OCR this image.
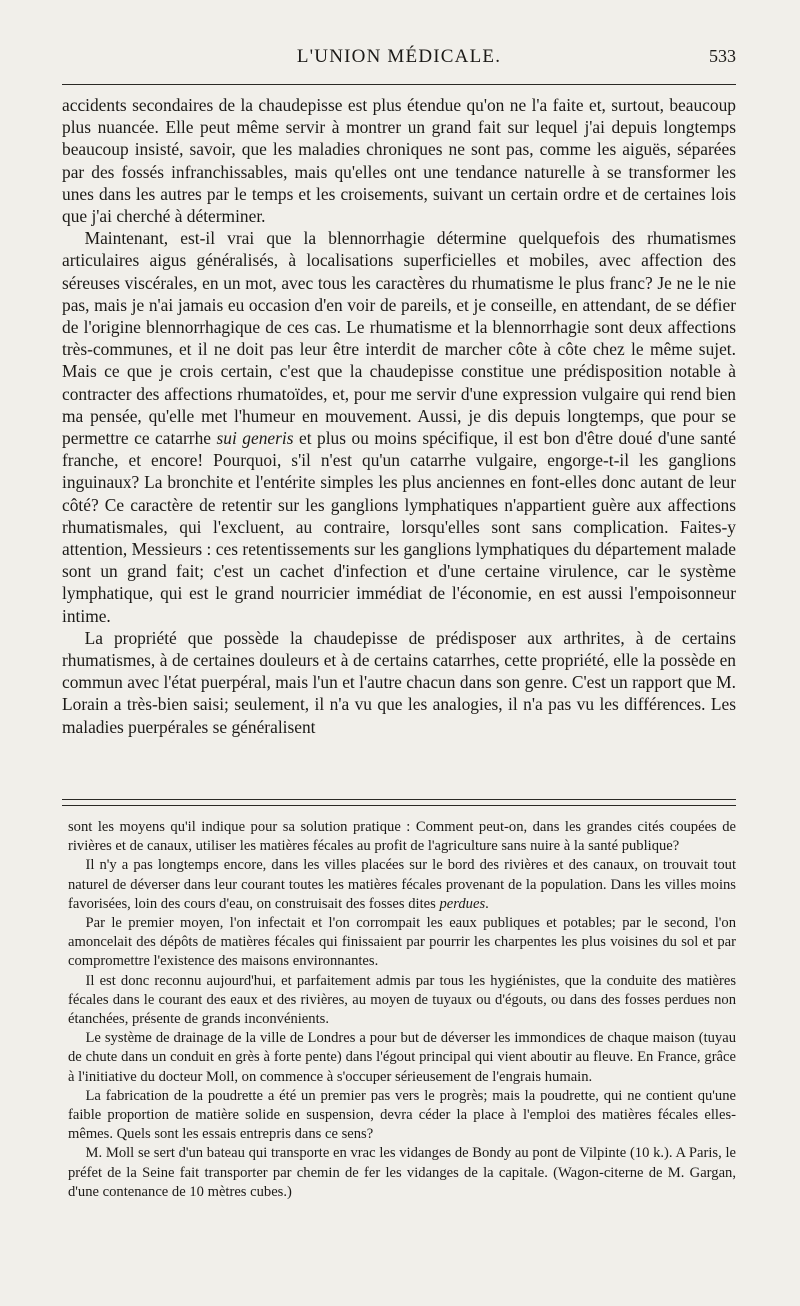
L'UNION MÉDICALE.	533

accidents secondaires de la chaudepisse est plus étendue qu'on ne l'a faite et, surtout, beaucoup plus nuancée. Elle peut même servir à montrer un grand fait sur lequel j'ai depuis longtemps beaucoup insisté, savoir, que les maladies chroniques ne sont pas, comme les aiguës, séparées par des fossés infranchissables, mais qu'elles ont une tendance naturelle à se transformer les unes dans les autres par le temps et les croisements, suivant un certain ordre et de certaines lois que j'ai cherché à déterminer.

Maintenant, est-il vrai que la blennorrhagie détermine quelquefois des rhumatismes articulaires aigus généralisés, à localisations superficielles et mobiles, avec affection des séreuses viscérales, en un mot, avec tous les caractères du rhumatisme le plus franc? Je ne le nie pas, mais je n'ai jamais eu occasion d'en voir de pareils, et je conseille, en attendant, de se défier de l'origine blennorrhagique de ces cas. Le rhumatisme et la blennorrhagie sont deux affections très-communes, et il ne doit pas leur être interdit de marcher côte à côte chez le même sujet. Mais ce que je crois certain, c'est que la chaudepisse constitue une prédisposition notable à contracter des affections rhumatoïdes, et, pour me servir d'une expression vulgaire qui rend bien ma pensée, qu'elle met l'humeur en mouvement. Aussi, je dis depuis longtemps, que pour se permettre ce catarrhe sui generis et plus ou moins spécifique, il est bon d'être doué d'une santé franche, et encore! Pourquoi, s'il n'est qu'un catarrhe vulgaire, engorge-t-il les ganglions inguinaux? La bronchite et l'entérite simples les plus anciennes en font-elles donc autant de leur côté? Ce caractère de retentir sur les ganglions lymphatiques n'appartient guère aux affections rhumatismales, qui l'excluent, au contraire, lorsqu'elles sont sans complication. Faites-y attention, Messieurs : ces retentissements sur les ganglions lymphatiques du département malade sont un grand fait; c'est un cachet d'infection et d'une certaine virulence, car le système lymphatique, qui est le grand nourricier immédiat de l'économie, en est aussi l'empoisonneur intime.

La propriété que possède la chaudepisse de prédisposer aux arthrites, à de certains rhumatismes, à de certaines douleurs et à de certains catarrhes, cette propriété, elle la possède en commun avec l'état puerpéral, mais l'un et l'autre chacun dans son genre. C'est un rapport que M. Lorain a très-bien saisi; seulement, il n'a vu que les analogies, il n'a pas vu les différences. Les maladies puerpérales se généralisent

sont les moyens qu'il indique pour sa solution pratique : Comment peut-on, dans les grandes cités coupées de rivières et de canaux, utiliser les matières fécales au profit de l'agriculture sans nuire à la santé publique?

Il n'y a pas longtemps encore, dans les villes placées sur le bord des rivières et des canaux, on trouvait tout naturel de déverser dans leur courant toutes les matières fécales provenant de la population. Dans les villes moins favorisées, loin des cours d'eau, on construisait des fosses dites perdues.

Par le premier moyen, l'on infectait et l'on corrompait les eaux publiques et potables; par le second, l'on amoncelait des dépôts de matières fécales qui finissaient par pourrir les charpentes les plus voisines du sol et par compromettre l'existence des maisons environnantes.

Il est donc reconnu aujourd'hui, et parfaitement admis par tous les hygiénistes, que la conduite des matières fécales dans le courant des eaux et des rivières, au moyen de tuyaux ou d'égouts, ou dans des fosses perdues non étanchées, présente de grands inconvénients.

Le système de drainage de la ville de Londres a pour but de déverser les immondices de chaque maison (tuyau de chute dans un conduit en grès à forte pente) dans l'égout principal qui vient aboutir au fleuve. En France, grâce à l'initiative du docteur Moll, on commence à s'occuper sérieusement de l'engrais humain.

La fabrication de la poudrette a été un premier pas vers le progrès; mais la poudrette, qui ne contient qu'une faible proportion de matière solide en suspension, devra céder la place à l'emploi des matières fécales elles-mêmes. Quels sont les essais entrepris dans ce sens?

M. Moll se sert d'un bateau qui transporte en vrac les vidanges de Bondy au pont de Vilpinte (10 k.). A Paris, le préfet de la Seine fait transporter par chemin de fer les vidanges de la capitale. (Wagon-citerne de M. Gargan, d'une contenance de 10 mètres cubes.)
